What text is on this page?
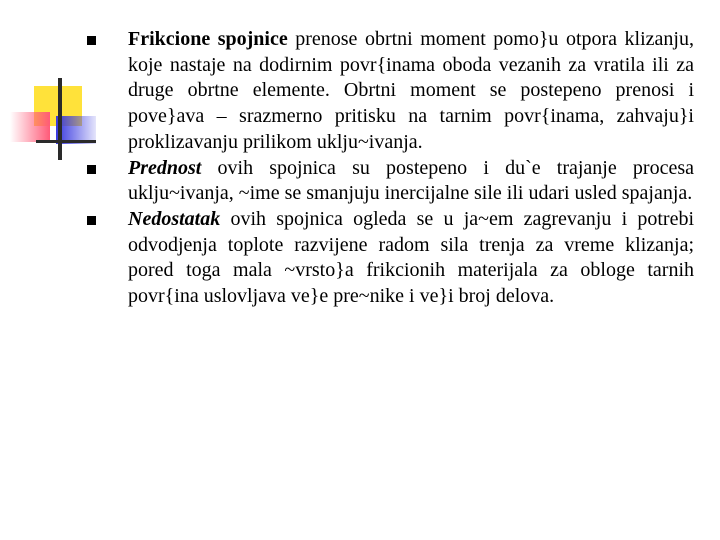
Frikcione spojnice prenose obrtni moment pomo}u otpora klizanju, koje nastaje na dodirnim povr{inama oboda vezanih za vratila ili za druge obrtne elemente. Obrtni moment se postepeno prenosi i pove}ava – srazmerno pritisku na tarnim povr{inama, zahvaju}i proklizavanju prilikom uklju~ivanja.
Prednost ovih spojnica su postepeno i du`e trajanje procesa uklju~ivanja, ~ime se smanjuju inercijalne sile ili udari usled spajanja.
Nedostatak ovih spojnica ogleda se u ja~em zagrevanju i potrebi odvodjenja toplote razvijene radom sila trenja za vreme klizanja; pored toga mala ~vrsto}a frikcionih materijala za obloge tarnih povr{ina uslovljava ve}e pre~nike i ve}i broj delova.
